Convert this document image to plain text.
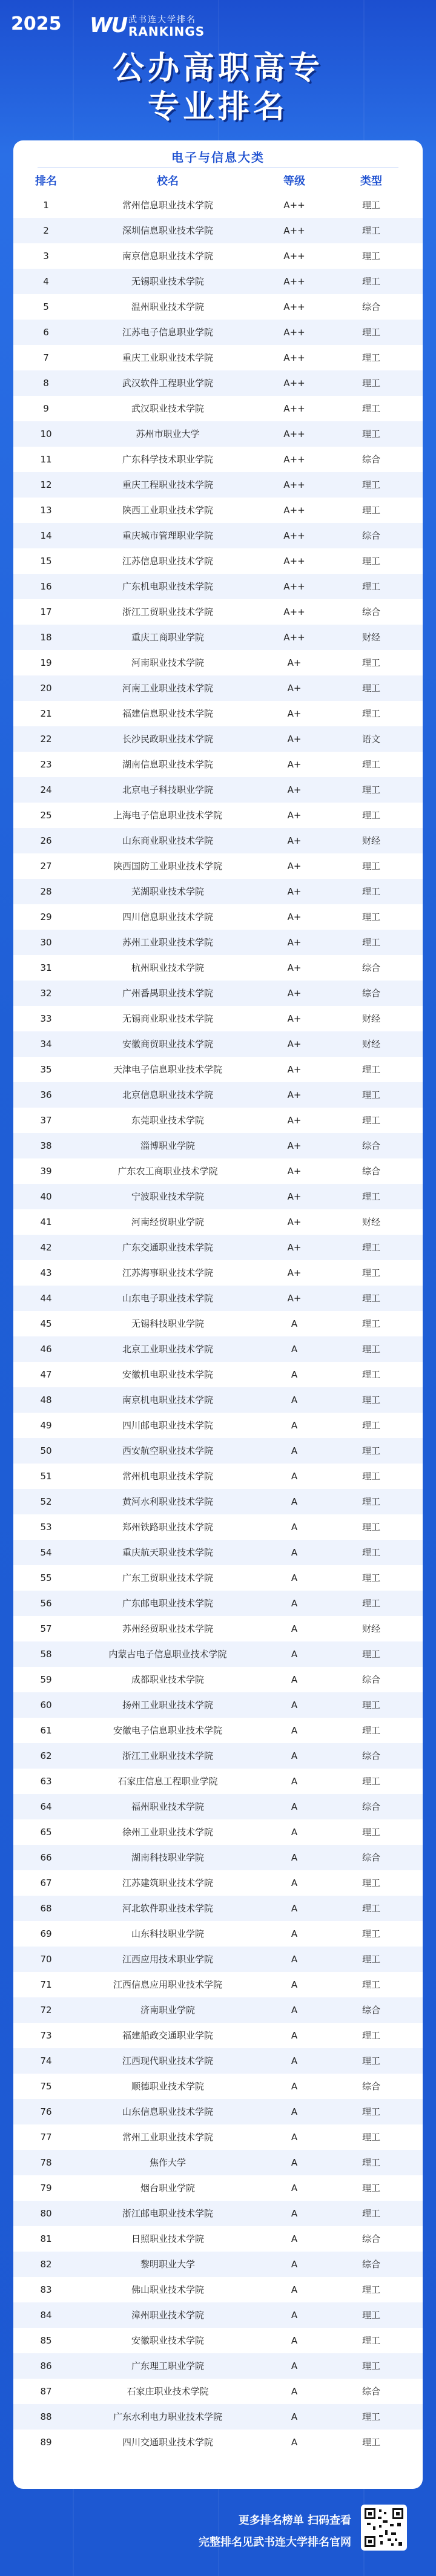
2025 WU 武书连大学排名
RANKINGS
公办高职高专
专业排名
电子与信息大类
排名	校名	等级	类型
1	常州信息职业技术学院	A++	理工
2	深圳信息职业技术学院	A++	理工
3	南京信息职业技术学院	A++	理工
4	无锡职业技术学院	A++	理工
5	温州职业技术学院	A++	综合
6	江苏电子信息职业学院	A++	理工
7	重庆工业职业技术学院	A++	理工
8	武汉软件工程职业学院	A++	理工
9	武汉职业技术学院	A++	理工
10	苏州市职业大学	A++	理工
11	广东科学技术职业学院	A++	综合
12	重庆工程职业技术学院	A++	理工
13	陕西工业职业技术学院	A++	理工
14	重庆城市管理职业学院	A++	综合
15	江苏信息职业技术学院	A++	理工
16	广东机电职业技术学院	A++	理工
17	浙江工贸职业技术学院	A++	综合
18	重庆工商职业学院	A++	财经
19	河南职业技术学院	A+	理工
20	河南工业职业技术学院	A+	理工
21	福建信息职业技术学院	A+	理工
22	长沙民政职业技术学院	A+	语文
23	湖南信息职业技术学院	A+	理工
24	北京电子科技职业学院	A+	理工
25	上海电子信息职业技术学院	A+	理工
26	山东商业职业技术学院	A+	财经
27	陕西国防工业职业技术学院	A+	理工
28	芜湖职业技术学院	A+	理工
29	四川信息职业技术学院	A+	理工
30	苏州工业职业技术学院	A+	理工
31	杭州职业技术学院	A+	综合
32	广州番禺职业技术学院	A+	综合
33	无锡商业职业技术学院	A+	财经
34	安徽商贸职业技术学院	A+	财经
35	天津电子信息职业技术学院	A+	理工
36	北京信息职业技术学院	A+	理工
37	东莞职业技术学院	A+	理工
38	淄博职业学院	A+	综合
39	广东农工商职业技术学院	A+	综合
40	宁波职业技术学院	A+	理工
41	河南经贸职业学院	A+	财经
42	广东交通职业技术学院	A+	理工
43	江苏海事职业技术学院	A+	理工
44	山东电子职业技术学院	A+	理工
45	无锡科技职业学院	A	理工
46	北京工业职业技术学院	A	理工
47	安徽机电职业技术学院	A	理工
48	南京机电职业技术学院	A	理工
49	四川邮电职业技术学院	A	理工
50	西安航空职业技术学院	A	理工
51	常州机电职业技术学院	A	理工
52	黄河水利职业技术学院	A	理工
53	郑州铁路职业技术学院	A	理工
54	重庆航天职业技术学院	A	理工
55	广东工贸职业技术学院	A	理工
56	广东邮电职业技术学院	A	理工
57	苏州经贸职业技术学院	A	财经
58	内蒙古电子信息职业技术学院	A	理工
59	成都职业技术学院	A	综合
60	扬州工业职业技术学院	A	理工
61	安徽电子信息职业技术学院	A	理工
62	浙江工业职业技术学院	A	综合
63	石家庄信息工程职业学院	A	理工
64	福州职业技术学院	A	综合
65	徐州工业职业技术学院	A	理工
66	湖南科技职业学院	A	综合
67	江苏建筑职业技术学院	A	理工
68	河北软件职业技术学院	A	理工
69	山东科技职业学院	A	理工
70	江西应用技术职业学院	A	理工
71	江西信息应用职业技术学院	A	理工
72	济南职业学院	A	综合
73	福建船政交通职业学院	A	理工
74	江西现代职业技术学院	A	理工
75	顺德职业技术学院	A	综合
76	山东信息职业技术学院	A	理工
77	常州工业职业技术学院	A	理工
78	焦作大学	A	理工
79	烟台职业学院	A	理工
80	浙江邮电职业技术学院	A	理工
81	日照职业技术学院	A	综合
82	黎明职业大学	A	综合
83	佛山职业技术学院	A	理工
84	漳州职业技术学院	A	理工
85	安徽职业技术学院	A	理工
86	广东理工职业学院	A	理工
87	石家庄职业技术学院	A	综合
88	广东水利电力职业技术学院	A	理工
89	四川交通职业技术学院	A	理工
更多排名榜单 扫码查看
完整排名见武书连大学排名官网
